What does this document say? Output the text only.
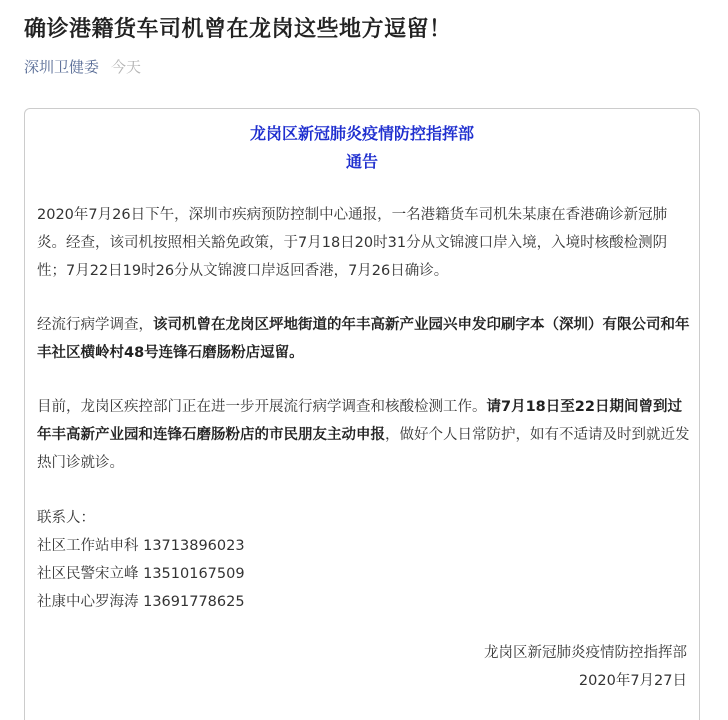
确诊港籍货车司机曾在龙岗这些地方逗留！
深圳卫健委 今天
龙岗区新冠肺炎疫情防控指挥部
通告
2020年7月26日下午，深圳市疾病预防控制中心通报，一名港籍货车司机朱某康在香港确诊新冠肺炎。经查，该司机按照相关豁免政策，于7月18日20时31分从文锦渡口岸入境，入境时核酸检测阴性；7月22日19时26分从文锦渡口岸返回香港，7月26日确诊。
经流行病学调查，该司机曾在龙岗区坪地街道的年丰高新产业园兴申发印刷字本（深圳）有限公司和年丰社区横岭村48号连锋石磨肠粉店逗留。
目前，龙岗区疾控部门正在进一步开展流行病学调查和核酸检测工作。请7月18日至22日期间曾到过年丰高新产业园和连锋石磨肠粉店的市民朋友主动申报，做好个人日常防护，如有不适请及时到就近发热门诊就诊。
联系人：
社区工作站申科 13713896023
社区民警宋立峰 13510167509
社康中心罗海涛 13691778625
龙岗区新冠肺炎疫情防控指挥部
2020年7月27日
